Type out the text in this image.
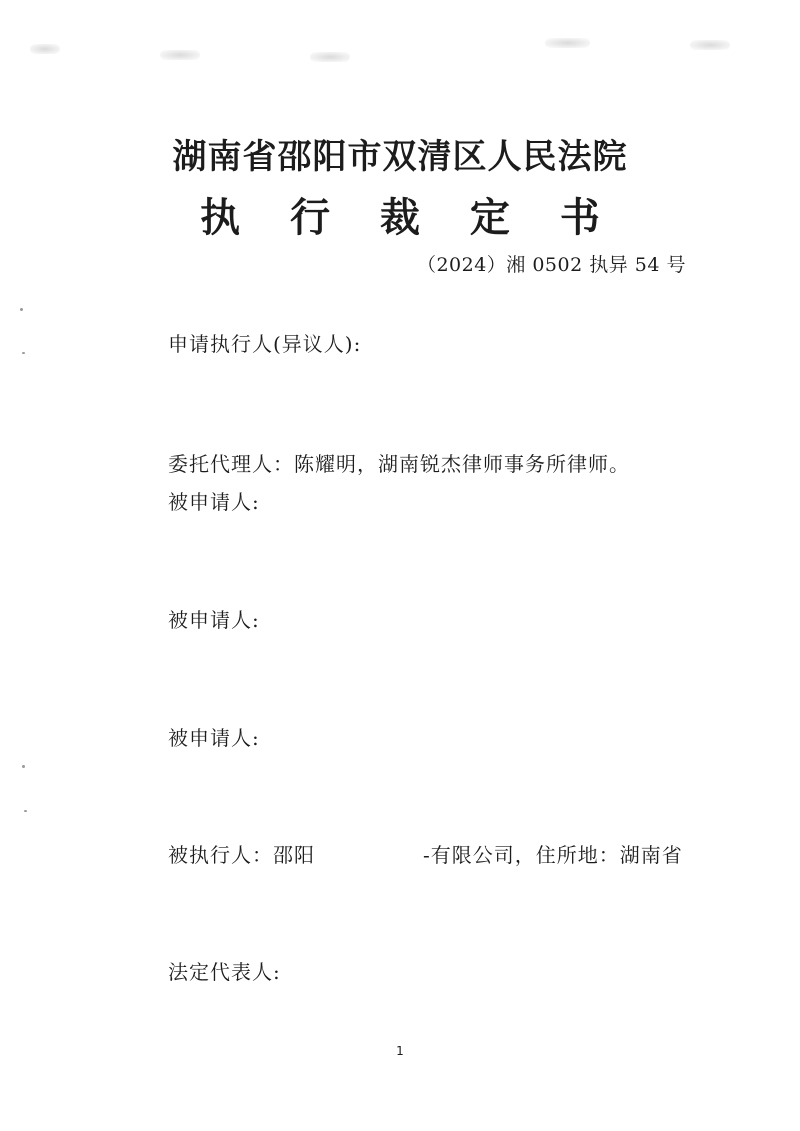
湖南省邵阳市双清区人民法院
执 行 裁 定 书
（2024）湘 0502 执异 54 号
申请执行人(异议人):
委托代理人：陈耀明，湖南锐杰律师事务所律师。
被申请人:
被申请人:
被申请人:
被执行人：邵阳	-有限公司，住所地：湖南省
法定代表人:
1
